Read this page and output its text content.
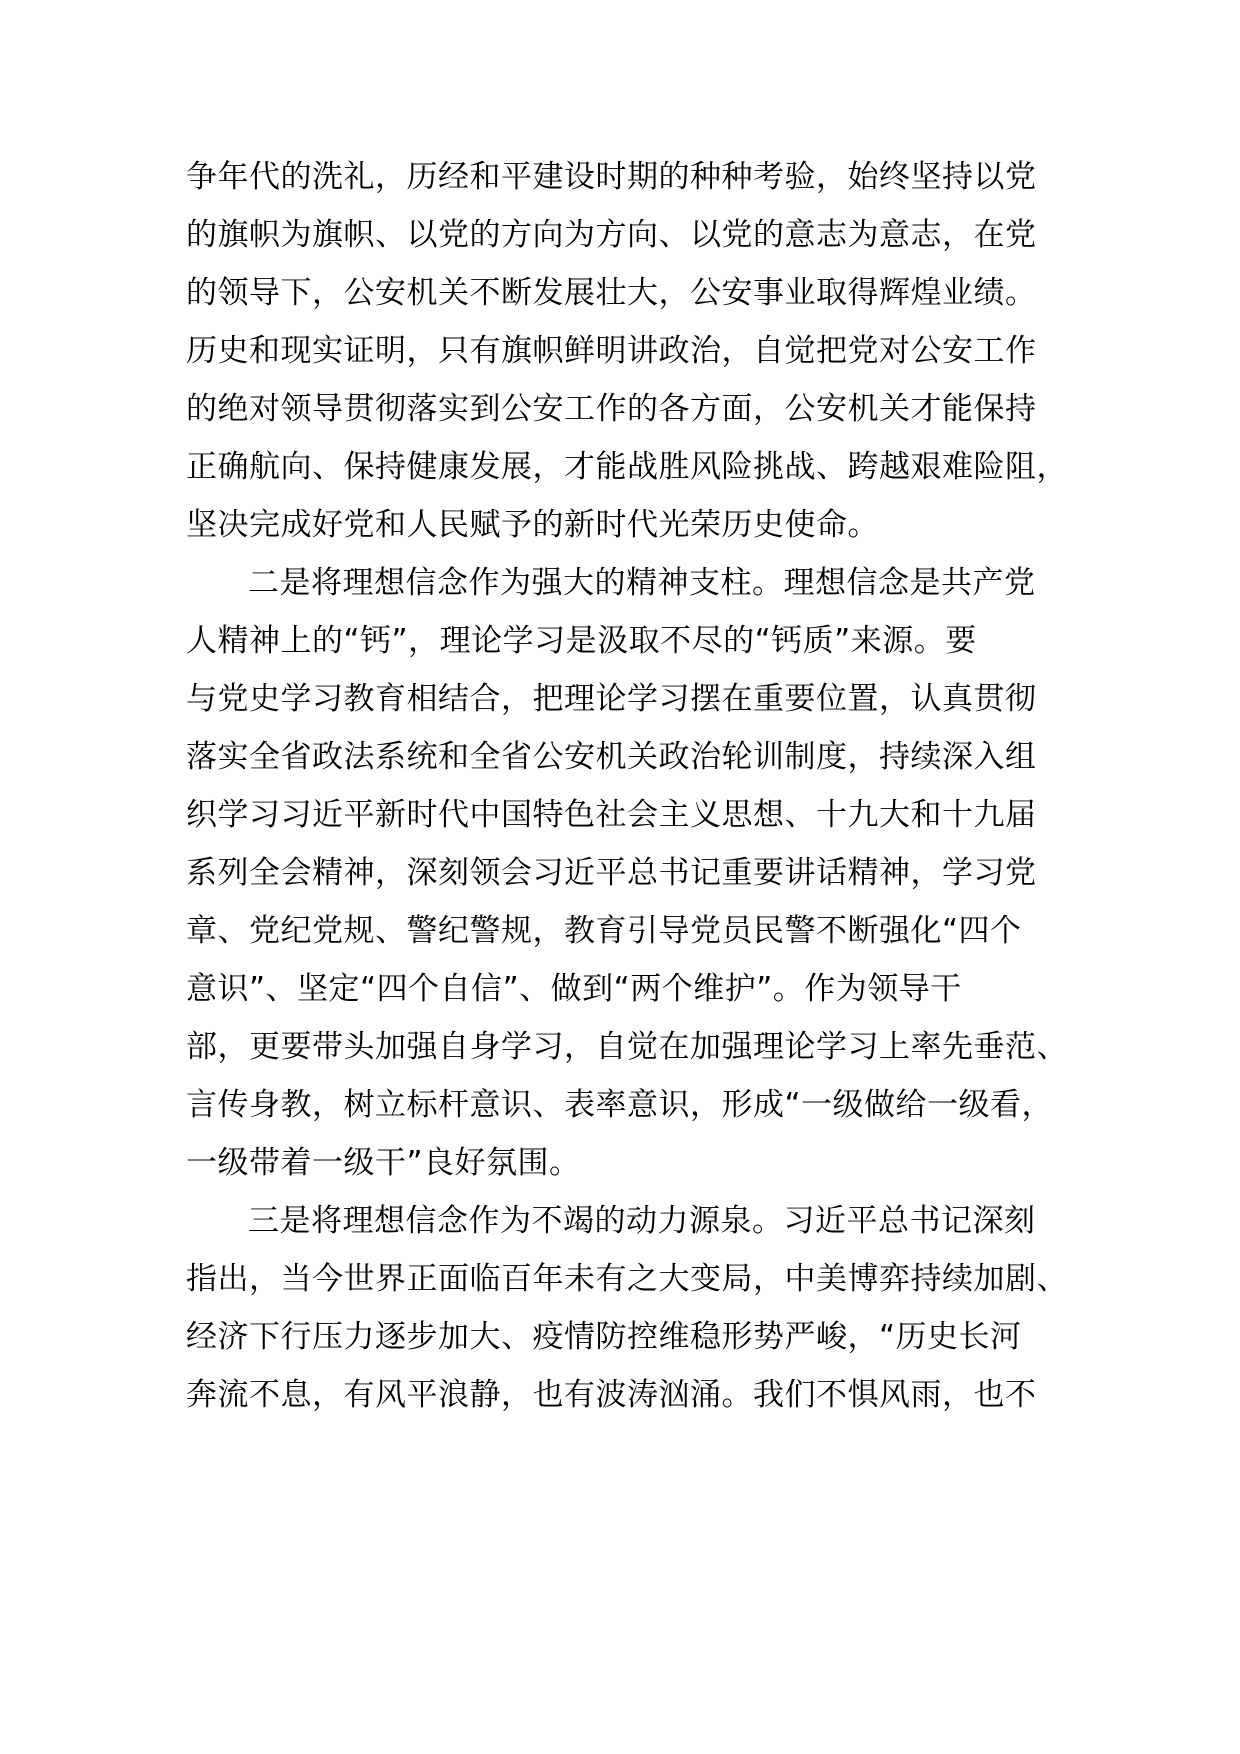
争年代的洗礼，历经和平建设时期的种种考验，始终坚持以党
的旗帜为旗帜、以党的方向为方向、以党的意志为意志，在党
的领导下，公安机关不断发展壮大，公安事业取得辉煌业绩。
历史和现实证明，只有旗帜鲜明讲政治，自觉把党对公安工作
的绝对领导贯彻落实到公安工作的各方面，公安机关才能保持
正确航向、保持健康发展，才能战胜风险挑战、跨越艰难险阻，
坚决完成好党和人民赋予的新时代光荣历史使命。
二是将理想信念作为强大的精神支柱。理想信念是共产党
人精神上的“钙”，理论学习是汲取不尽的“钙质”来源。要
与党史学习教育相结合，把理论学习摆在重要位置，认真贯彻
落实全省政法系统和全省公安机关政治轮训制度，持续深入组
织学习习近平新时代中国特色社会主义思想、十九大和十九届
系列全会精神，深刻领会习近平总书记重要讲话精神，学习党
章、党纪党规、警纪警规，教育引导党员民警不断强化“四个
意识”、坚定“四个自信”、做到“两个维护”。作为领导干
部，更要带头加强自身学习，自觉在加强理论学习上率先垂范、
言传身教，树立标杆意识、表率意识，形成“一级做给一级看，
一级带着一级干”良好氛围。
三是将理想信念作为不竭的动力源泉。习近平总书记深刻
指出，当今世界正面临百年未有之大变局，中美博弈持续加剧、
经济下行压力逐步加大、疫情防控维稳形势严峻，“历史长河
奔流不息，有风平浪静，也有波涛汹涌。我们不惧风雨，也不
